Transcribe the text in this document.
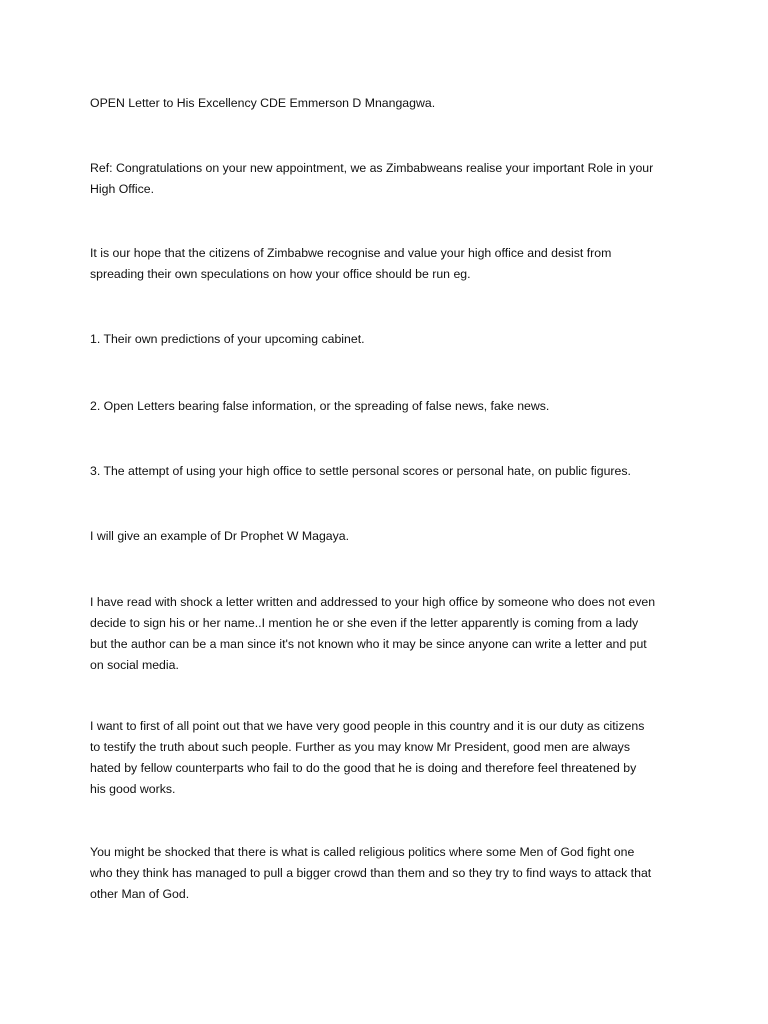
OPEN Letter to His Excellency CDE Emmerson D Mnangagwa.

Ref: Congratulations on your new appointment, we as Zimbabweans realise your important Role in your
High Office.

It is our hope that the citizens of Zimbabwe recognise and value your high office and desist from
spreading their own speculations on how your office should be run eg.

1. Their own predictions of your upcoming cabinet.

2. Open Letters bearing false information, or the spreading of false news, fake news.

3. The attempt of using your high office to settle personal scores or personal hate, on public figures.

I will give an example of Dr Prophet W Magaya.

I have read with shock a letter written and addressed to your high office by someone who does not even
decide to sign his or her name..I mention he or she even if the letter apparently is coming from a lady
but the author can be a man since it's not known who it may be since anyone can write a letter and put
on social media.

I want to first of all point out that we have very good people in this country and it is our duty as citizens
to testify the truth about such people. Further as you may know Mr President, good men are always
hated by fellow counterparts who fail to do the good that he is doing and therefore feel threatened by
his good works.

You might be shocked that there is what is called religious politics where some Men of God fight one
who they think has managed to pull a bigger crowd than them and so they try to find ways to attack that
other Man of God.
